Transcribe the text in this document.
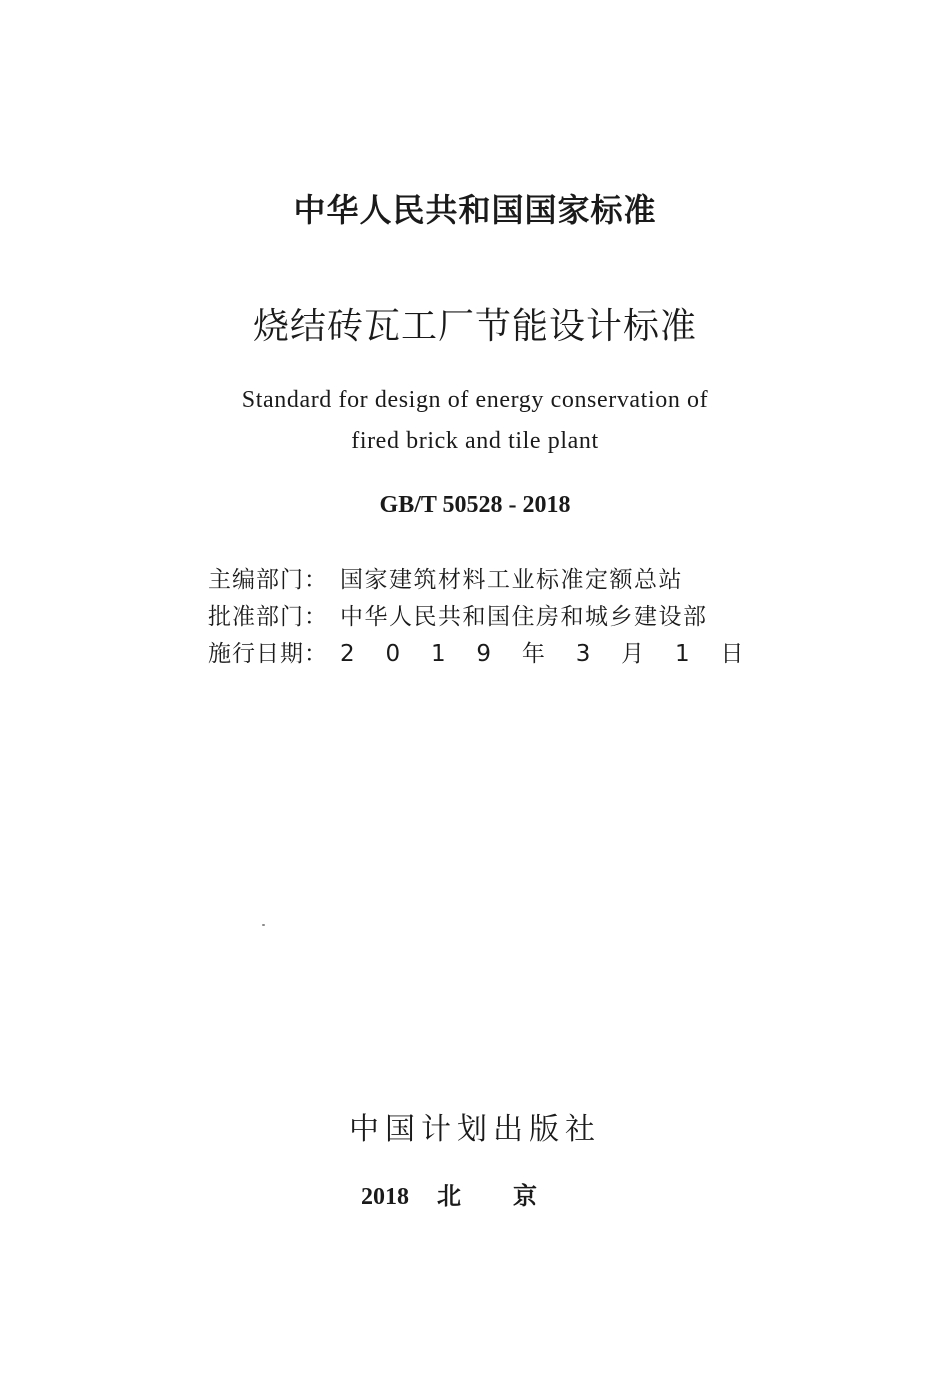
中华人民共和国国家标准
烧结砖瓦工厂节能设计标准
Standard for design of energy conservation of
fired brick and tile plant
GB/T 50528 - 2018
主编部门： 国家建筑材料工业标准定额总站
批准部门： 中华人民共和国住房和城乡建设部
施行日期： 2 0 1 9 年 3 月 1 日
中国计划出版社
2018 北京
